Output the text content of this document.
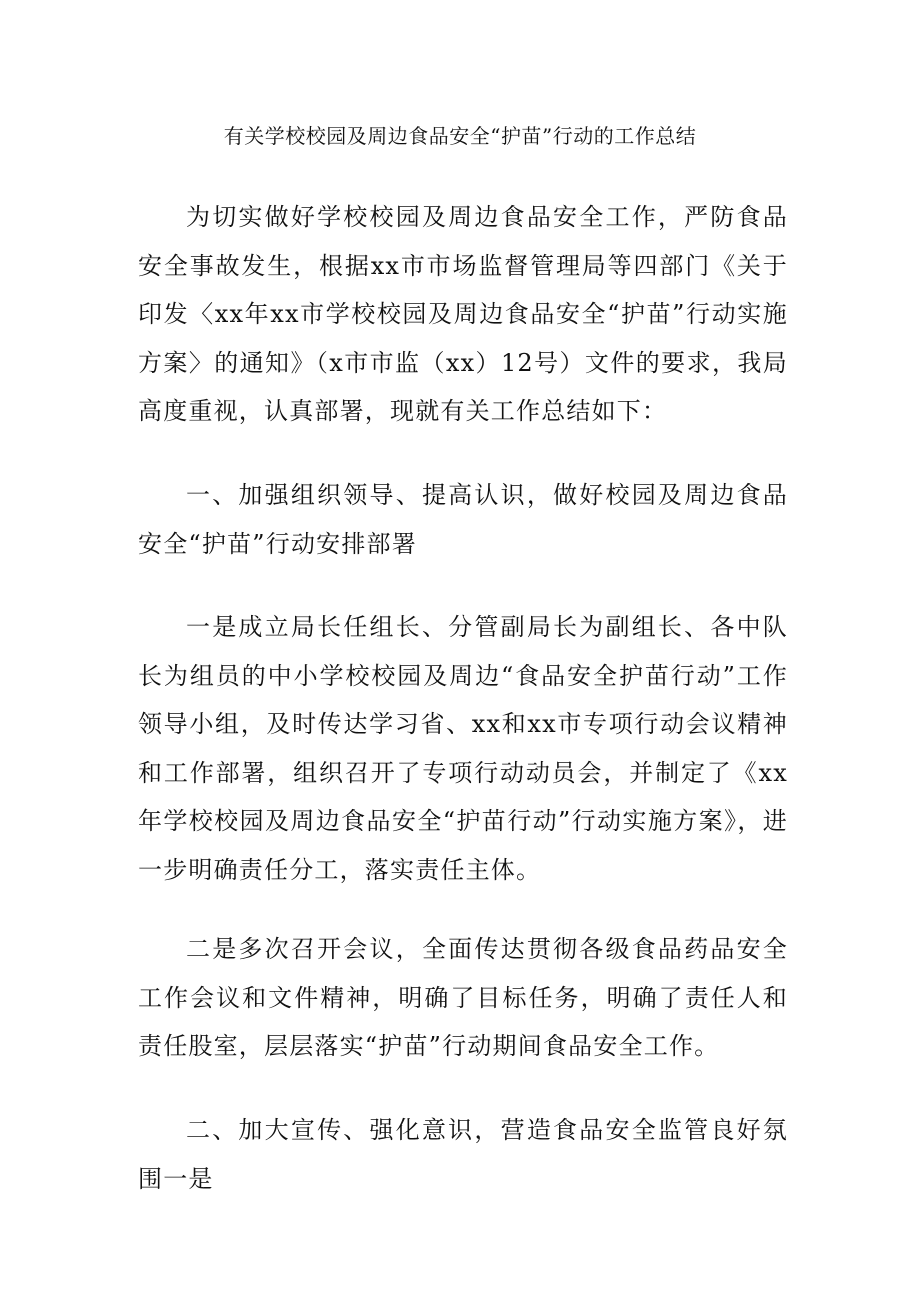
有关学校校园及周边食品安全“护苗”行动的工作总结

为切实做好学校校园及周边食品安全工作，严防食品安全事故发生，根据xx市市场监督管理局等四部门《关于印发〈xx年xx市学校校园及周边食品安全“护苗”行动实施方案〉的通知》（x市市监（xx）12号）文件的要求，我局高度重视，认真部署，现就有关工作总结如下：

一、加强组织领导、提高认识，做好校园及周边食品安全“护苗”行动安排部署

一是成立局长任组长、分管副局长为副组长、各中队长为组员的中小学校校园及周边“食品安全护苗行动”工作领导小组，及时传达学习省、xx和xx市专项行动会议精神和工作部署，组织召开了专项行动动员会，并制定了《xx年学校校园及周边食品安全“护苗行动”行动实施方案》，进一步明确责任分工，落实责任主体。

二是多次召开会议，全面传达贯彻各级食品药品安全工作会议和文件精神，明确了目标任务，明确了责任人和责任股室，层层落实“护苗”行动期间食品安全工作。

二、加大宣传、强化意识，营造食品安全监管良好氛围一是
